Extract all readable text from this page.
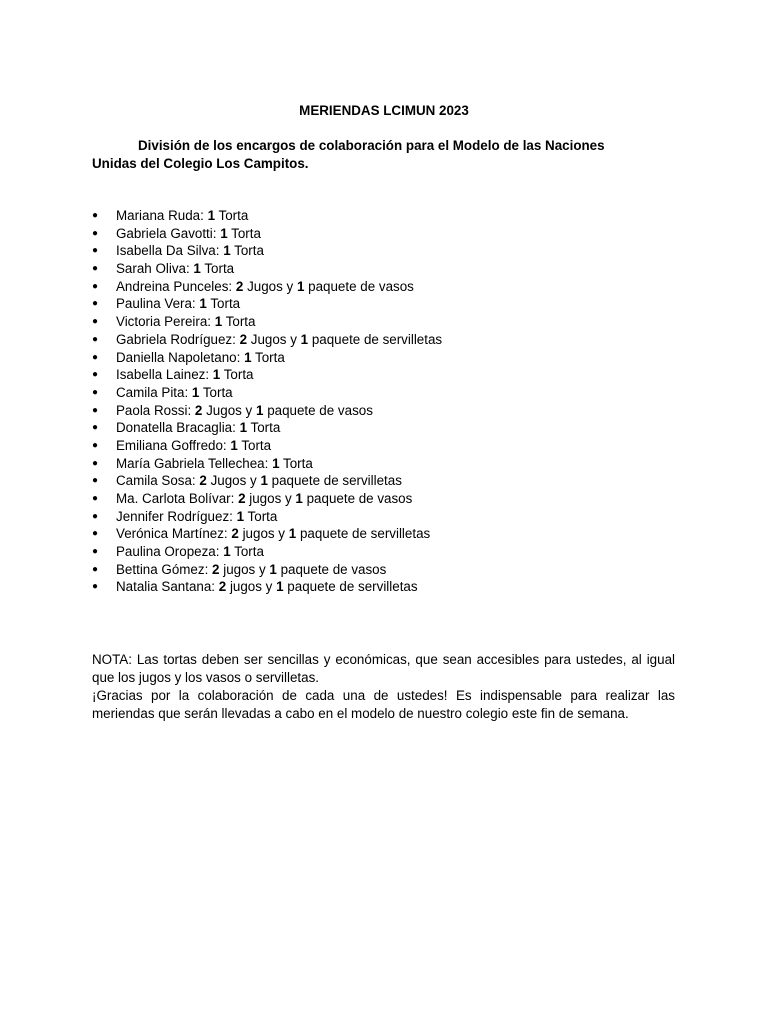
MERIENDAS LCIMUN 2023
División de los encargos de colaboración para el Modelo de las Naciones Unidas del Colegio Los Campitos.
● Mariana Ruda: 1 Torta
● Gabriela Gavotti: 1 Torta
● Isabella Da Silva: 1 Torta
● Sarah Oliva: 1 Torta
● Andreina Punceles: 2 Jugos y 1 paquete de vasos
● Paulina Vera: 1 Torta
● Victoria Pereira: 1 Torta
● Gabriela Rodríguez: 2 Jugos y 1 paquete de servilletas
● Daniella Napoletano: 1 Torta
● Isabella Lainez: 1 Torta
● Camila Pita: 1 Torta
● Paola Rossi: 2 Jugos y 1 paquete de vasos
● Donatella Bracaglia: 1 Torta
● Emiliana Goffredo: 1 Torta
● María Gabriela Tellechea: 1 Torta
● Camila Sosa: 2 Jugos y 1 paquete de servilletas
● Ma. Carlota Bolívar: 2 jugos y 1 paquete de vasos
● Jennifer Rodríguez: 1 Torta
● Verónica Martínez: 2 jugos y 1 paquete de servilletas
● Paulina Oropeza: 1 Torta
● Bettina Gómez: 2 jugos y 1 paquete de vasos
● Natalia Santana: 2 jugos y 1 paquete de servilletas

NOTA: Las tortas deben ser sencillas y económicas, que sean accesibles para ustedes, al igual que los jugos y los vasos o servilletas.

¡Gracias por la colaboración de cada una de ustedes! Es indispensable para realizar las meriendas que serán llevadas a cabo en el modelo de nuestro colegio este fin de semana.
